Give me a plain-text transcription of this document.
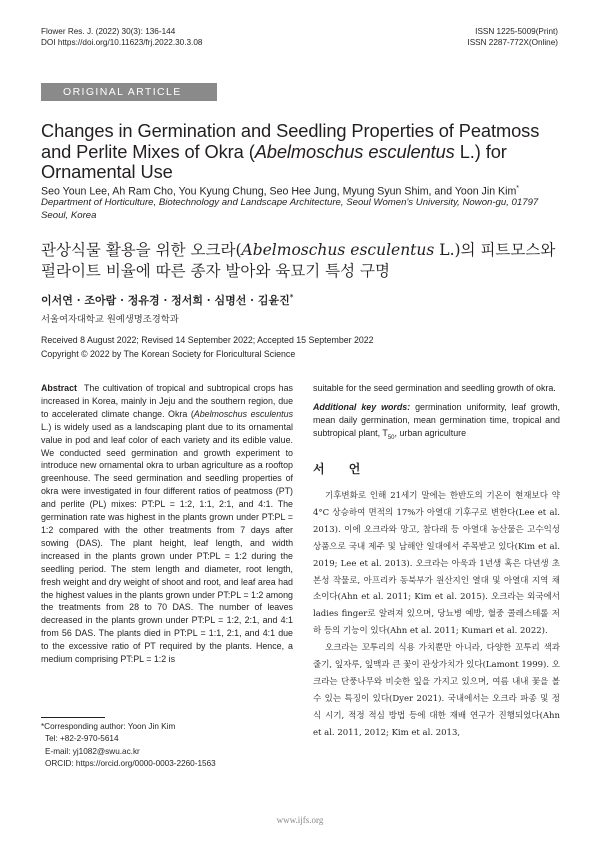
Flower Res. J. (2022) 30(3): 136-144
DOI https://doi.org/10.11623/frj.2022.30.3.08
ISSN 1225-5009(Print)
ISSN 2287-772X(Online)
ORIGINAL ARTICLE
Changes in Germination and Seedling Properties of Peatmoss and Perlite Mixes of Okra (Abelmoschus esculentus L.) for Ornamental Use
Seo Youn Lee, Ah Ram Cho, You Kyung Chung, Seo Hee Jung, Myung Syun Shim, and Yoon Jin Kim*
Department of Horticulture, Biotechnology and Landscape Architecture, Seoul Women's University, Nowon-gu, 01797 Seoul, Korea
관상식물 활용을 위한 오크라(Abelmoschus esculentus L.)의 피트모스와 펄라이트 비율에 따른 종자 발아와 육묘기 특성 구명
이서연 · 조아람 · 정유경 · 정서희 · 심명선 · 김윤진*
서울여자대학교 원예생명조경학과
Received 8 August 2022; Revised 14 September 2022; Accepted 15 September 2022
Copyright © 2022 by The Korean Society for Floricultural Science
Abstract The cultivation of tropical and subtropical crops has increased in Korea, mainly in Jeju and the southern region, due to accelerated climate change. Okra (Abelmoschus esculentus L.) is widely used as a landscaping plant due to its ornamental value in pod and leaf color of each variety and its edible value. We conducted seed germination and growth experiment to introduce new ornamental okra to urban agriculture as a rooftop greenhouse. The seed germination and seedling properties of okra were investigated in four different ratios of peatmoss (PT) and perlite (PL) mixes: PT:PL = 1:2, 1:1, 2:1, and 4:1. The germination rate was highest in the plants grown under PT:PL = 1:2 compared with the other treatments from 7 days after sowing (DAS). The plant height, leaf length, and width increased in the plants grown under PT:PL = 1:2 during the seedling period. The stem length and diameter, root length, fresh weight and dry weight of shoot and root, and leaf area had the highest values in the plants grown under PT:PL = 1:2 among the treatments from 28 to 70 DAS. The number of leaves decreased in the plants grown under PT:PL = 1:2, 2:1, and 4:1 from 56 DAS. The plants died in PT:PL = 1:1, 2:1, and 4:1 due to the excessive ratio of PT required by the plants. Hence, a medium comprising PT:PL = 1:2 is
suitable for the seed germination and seedling growth of okra.
Additional key words: germination uniformity, leaf growth, mean daily germination, mean germination time, tropical and subtropical plant, $T_{50}$, urban agriculture
서 언

기후변화로 인해 21세기 말에는 한반도의 기온이 현재보다 약 4°C 상승하여 면적의 17%가 아열대 기후구로 변한다(Lee et al. 2013). 이에 오크라와 망고, 참다래 등 아열대 농산물은 고수익성 상품으로 국내 제주 및 남해안 일대에서 주목받고 있다(Kim et al. 2019; Lee et al. 2013). 오크라는 아욱과 1년생 혹은 다년생 초본성 작물로, 아프리카 동북부가 원산지인 열대 및 아열대 지역 채소이다(Ahn et al. 2011; Kim et al. 2015). 오크라는 외국에서 ladies finger로 알려져 있으며, 당뇨병 예방, 혈중 콜레스테롤 저하 등의 기능이 있다(Ahn et al. 2011; Kumari et al. 2022).

오크라는 꼬투리의 식용 가치뿐만 아니라, 다양한 꼬투리 색과 줄기, 잎자루, 잎맥과 큰 꽃이 관상가치가 있다(Lamont 1999). 오크라는 단풍나무와 비슷한 잎을 가지고 있으며, 여름 내내 꽃을 볼 수 있는 특징이 있다(Dyer 2021). 국내에서는 오크라 파종 및 정식 시기, 적정 적심 방법 등에 대한 재배 연구가 진행되었다(Ahn et al. 2011, 2012; Kim et al. 2013,

*Corresponding author: Yoon Jin Kim
Tel: +82-2-970-5614
E-mail: yj1082@swu.ac.kr
ORCID: https://orcid.org/0000-0003-2260-1563
www.ijfs.org
